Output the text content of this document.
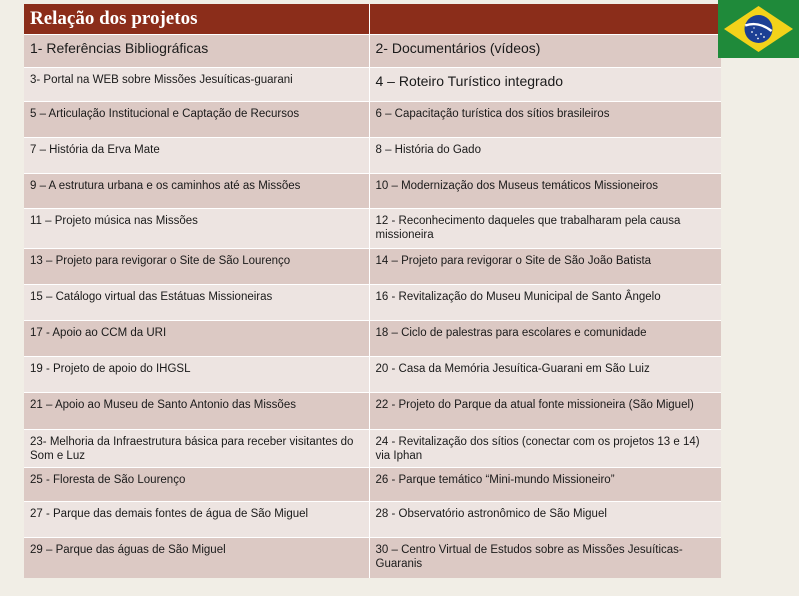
Relação dos projetos	
1- Referências Bibliográficas	2- Documentários (vídeos)
3- Portal na WEB sobre Missões Jesuíticas-guarani	4 – Roteiro Turístico integrado
5 – Articulação Institucional e Captação de Recursos	6 – Capacitação turística dos sítios brasileiros
7 – História da Erva Mate	8 – História do Gado
9 – A estrutura urbana e os caminhos até as Missões	10 – Modernização dos Museus temáticos Missioneiros
11 – Projeto música nas Missões	12 - Reconhecimento daqueles que trabalharam pela causa missioneira
13 – Projeto para revigorar o Site de São Lourenço	14 – Projeto para revigorar o Site de São João Batista
15 – Catálogo virtual das Estátuas Missioneiras	16 - Revitalização do Museu Municipal de Santo Ângelo
17 - Apoio ao CCM da URI	18 – Ciclo de palestras para escolares e comunidade
19 - Projeto de apoio do IHGSL	20 - Casa da Memória Jesuítica-Guarani em São Luiz
21 – Apoio ao Museu de Santo Antonio das Missões	22 - Projeto do Parque da atual fonte missioneira (São Miguel)
23- Melhoria da Infraestrutura básica para receber visitantes do Som e Luz	24 - Revitalização dos sítios (conectar com os projetos 13 e 14) via Iphan
25 - Floresta de São Lourenço	26 - Parque temático “Mini-mundo Missioneiro”
27 - Parque das demais fontes de água de São Miguel	28 - Observatório astronômico de São Miguel
29 – Parque das águas de São Miguel	30 – Centro Virtual de Estudos sobre as Missões Jesuíticas-Guaranis
